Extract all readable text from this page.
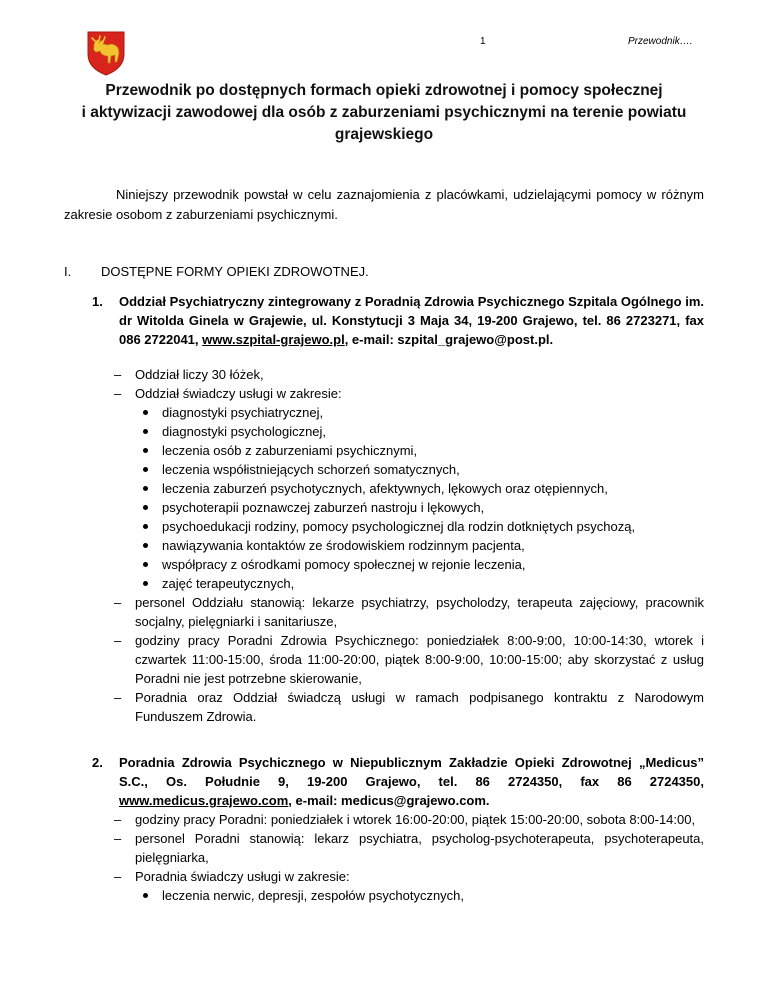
1	Przewodnik….
Przewodnik po dostępnych formach opieki zdrowotnej i pomocy społecznej
i aktywizacji zawodowej dla osób z zaburzeniami psychicznymi na terenie powiatu
grajewskiego

Niniejszy przewodnik powstał w celu zaznajomienia z placówkami, udzielającymi pomocy w różnym zakresie osobom z zaburzeniami psychicznymi.

I. DOSTĘPNE FORMY OPIEKI ZDROWOTNEJ.
1. Oddział Psychiatryczny zintegrowany z Poradnią Zdrowia Psychicznego Szpitala Ogólnego im. dr Witolda Ginela w Grajewie, ul. Konstytucji 3 Maja 34, 19-200 Grajewo, tel. 86 2723271, fax 086 2722041, www.szpital-grajewo.pl, e-mail: szpital_grajewo@post.pl.
– Oddział liczy 30 łóżek,
– Oddział świadczy usługi w zakresie:
diagnostyki psychiatrycznej,
diagnostyki psychologicznej,
leczenia osób z zaburzeniami psychicznymi,
leczenia współistniejących schorzeń somatycznych,
leczenia zaburzeń psychotycznych, afektywnych, lękowych oraz otępiennych,
psychoterapii poznawczej zaburzeń nastroju i lękowych,
psychoedukacji rodziny, pomocy psychologicznej dla rodzin dotkniętych psychozą,
nawiązywania kontaktów ze środowiskiem rodzinnym pacjenta,
współpracy z ośrodkami pomocy społecznej w rejonie leczenia,
zajęć terapeutycznych,
– personel Oddziału stanowią: lekarze psychiatrzy, psycholodzy, terapeuta zajęciowy, pracownik socjalny, pielęgniarki i sanitariusze,
– godziny pracy Poradni Zdrowia Psychicznego: poniedziałek 8:00-9:00, 10:00-14:30, wtorek i czwartek 11:00-15:00, środa 11:00-20:00, piątek 8:00-9:00, 10:00-15:00; aby skorzystać z usług Poradni nie jest potrzebne skierowanie,
– Poradnia oraz Oddział świadczą usługi w ramach podpisanego kontraktu z Narodowym Funduszem Zdrowia.
2. Poradnia Zdrowia Psychicznego w Niepublicznym Zakładzie Opieki Zdrowotnej „Medicus” S.C., Os. Południe 9, 19-200 Grajewo, tel. 86 2724350, fax 86 2724350, www.medicus.grajewo.com, e-mail: medicus@grajewo.com.
– godziny pracy Poradni: poniedziałek i wtorek 16:00-20:00, piątek 15:00-20:00, sobota 8:00-14:00,
– personel Poradni stanowią: lekarz psychiatra, psycholog-psychoterapeuta, psychoterapeuta, pielęgniarka,
– Poradnia świadczy usługi w zakresie:
leczenia nerwic, depresji, zespołów psychotycznych,
